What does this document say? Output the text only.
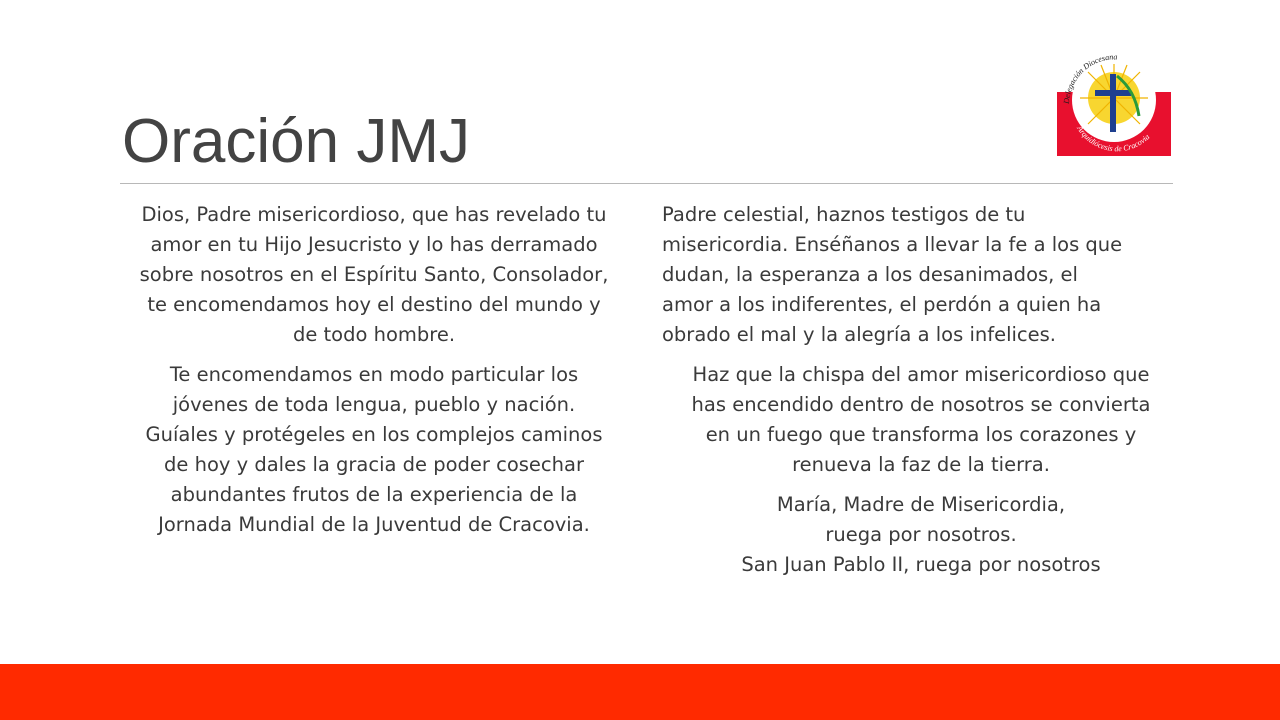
Oración JMJ
Delegación Diocesana
Arquidiócesis de Cracovia

Dios, Padre misericordioso, que has revelado tu
amor en tu Hijo Jesucristo y lo has derramado
sobre nosotros en el Espíritu Santo, Consolador,
te encomendamos hoy el destino del mundo y
de todo hombre.

Te encomendamos en modo particular los
jóvenes de toda lengua, pueblo y nación.
Guíales y protégeles en los complejos caminos
de hoy y dales la gracia de poder cosechar
abundantes frutos de la experiencia de la
Jornada Mundial de la Juventud de Cracovia.

Padre celestial, haznos testigos de tu
misericordia. Enséñanos a llevar la fe a los que
dudan, la esperanza a los desanimados, el
amor a los indiferentes, el perdón a quien ha
obrado el mal y la alegría a los infelices.

Haz que la chispa del amor misericordioso que
has encendido dentro de nosotros se convierta
en un fuego que transforma los corazones y
renueva la faz de la tierra.

María, Madre de Misericordia,
ruega por nosotros.
San Juan Pablo II, ruega por nosotros
